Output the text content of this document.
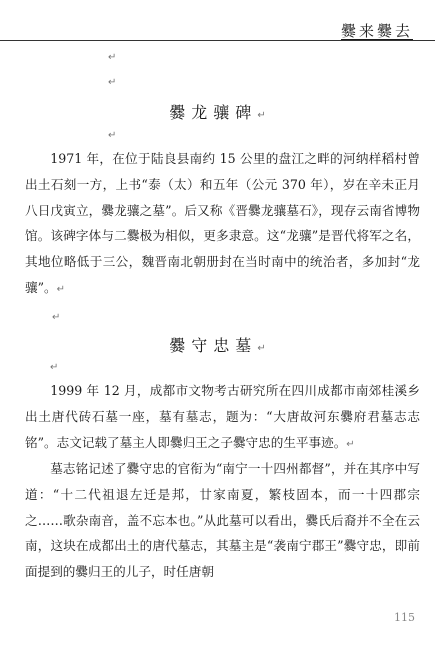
爨来爨去
↵
↵
爨龙骧碑↵
↵

1971 年，在位于陆良县南约 15 公里的盘江之畔的河纳样稻村曾出土石刻一方，上书“泰（太）和五年（公元 370 年），岁在辛未正月八日戊寅立，爨龙骧之墓”。后又称《晋爨龙骧墓石》，现存云南省博物馆。该碑字体与二爨极为相似，更多隶意。这“龙骧”是晋代将军之名，其地位略低于三公，魏晋南北朝册封在当时南中的统治者，多加封“龙骧”。↵

↵
爨守忠墓↵
↵

1999 年 12 月，成都市文物考古研究所在四川成都市南郊桂溪乡出土唐代砖石墓一座，墓有墓志，题为：“大唐故河东爨府君墓志志铭”。志文记载了墓主人即爨归王之子爨守忠的生平事迹。↵

墓志铭记述了爨守忠的官衔为“南宁一十四州都督”，并在其序中写道：“十二代祖退左迁是邦，廿家南夏，繁枝固本，而一十四郡宗之……歌杂南音，盖不忘本也。”从此墓可以看出，爨氏后裔并不全在云南，这块在成都出土的唐代墓志，其墓主是“袭南宁郡王”爨守忠，即前面提到的爨归王的儿子，时任唐朝

115
